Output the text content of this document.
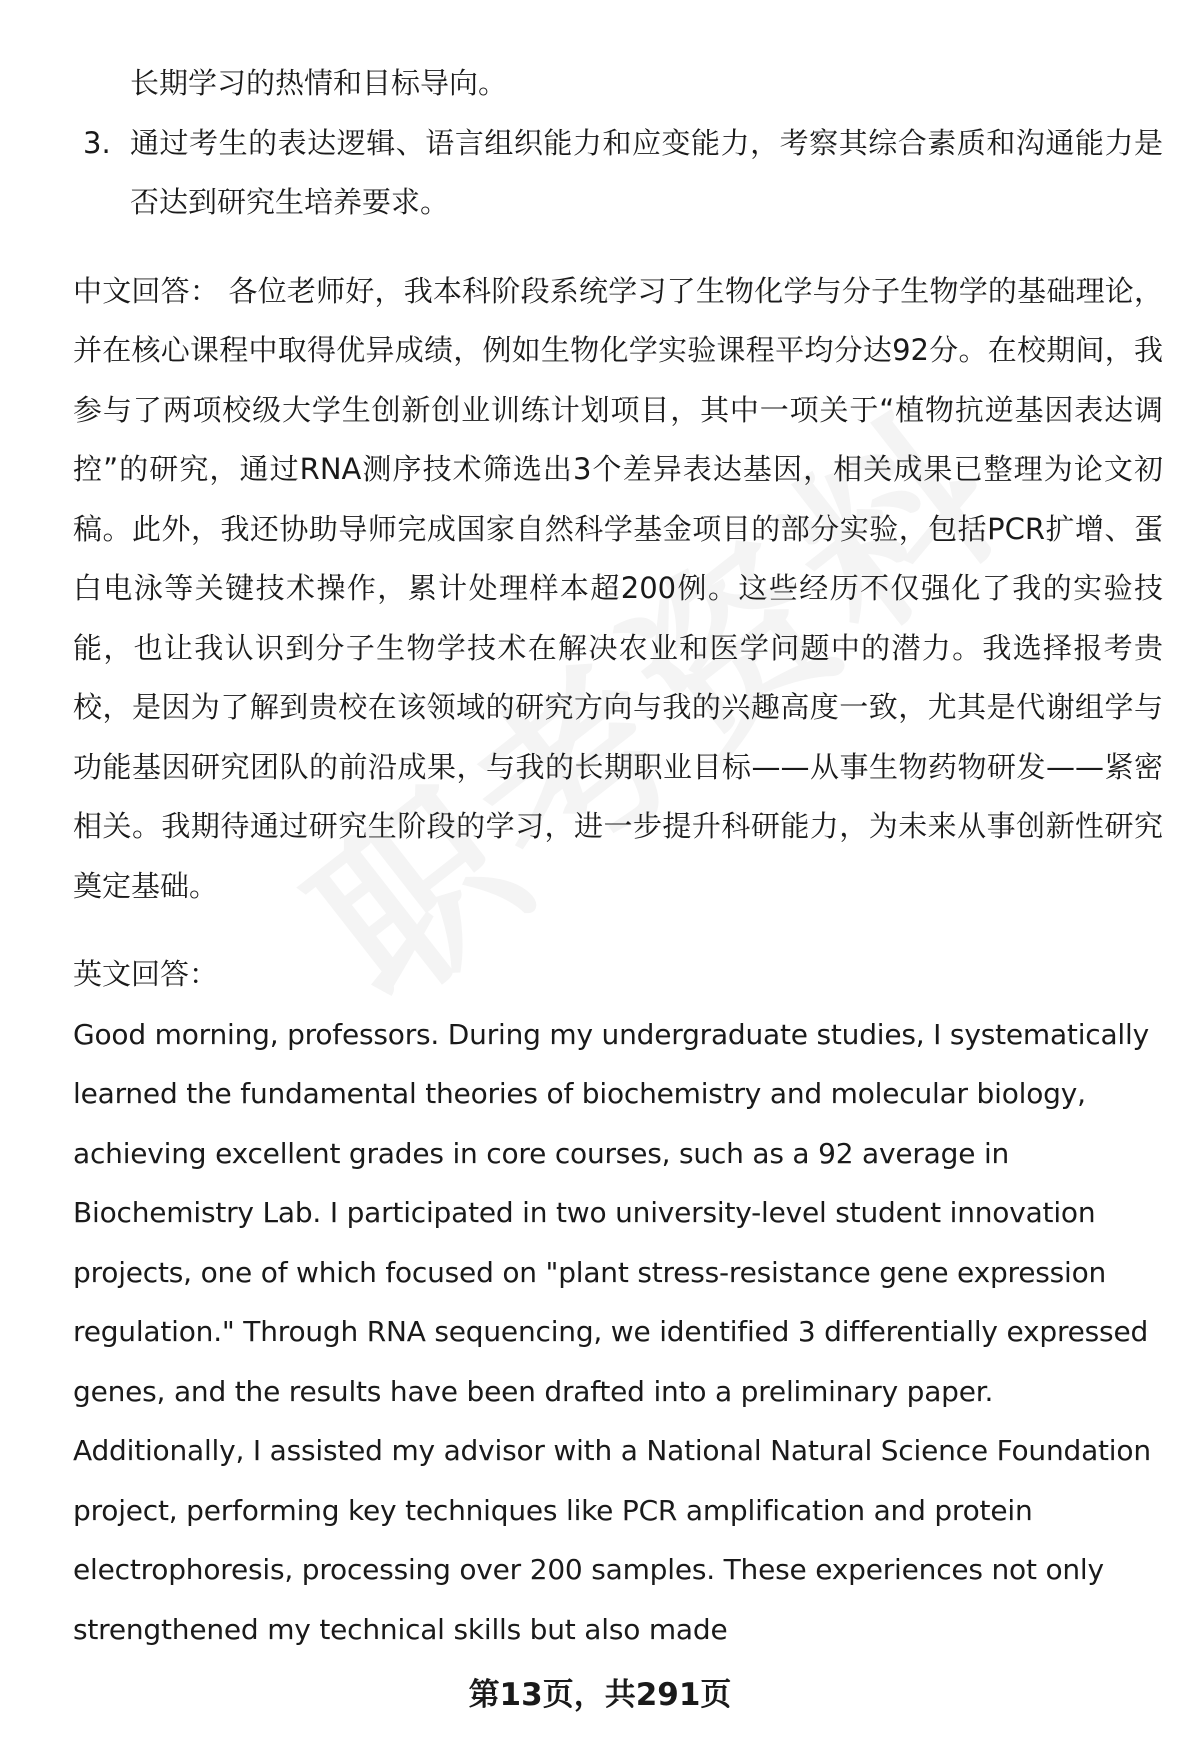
长期学习的热情和目标导向。

3. 通过考生的表达逻辑、语言组织能力和应变能力，考察其综合素质和沟通能力是否达到研究生培养要求。

中文回答： 各位老师好，我本科阶段系统学习了生物化学与分子生物学的基础理论，并在核心课程中取得优异成绩，例如生物化学实验课程平均分达92分。在校期间，我参与了两项校级大学生创新创业训练计划项目，其中一项关于“植物抗逆基因表达调控”的研究，通过RNA测序技术筛选出3个差异表达基因，相关成果已整理为论文初稿。此外，我还协助导师完成国家自然科学基金项目的部分实验，包括PCR扩增、蛋白电泳等关键技术操作，累计处理样本超200例。这些经历不仅强化了我的实验技能，也让我认识到分子生物学技术在解决农业和医学问题中的潜力。我选择报考贵校，是因为了解到贵校在该领域的研究方向与我的兴趣高度一致，尤其是代谢组学与功能基因研究团队的前沿成果，与我的长期职业目标——从事生物药物研发——紧密相关。我期待通过研究生阶段的学习，进一步提升科研能力，为未来从事创新性研究奠定基础。

英文回答：

Good morning, professors. During my undergraduate studies, I systematically learned the fundamental theories of biochemistry and molecular biology, achieving excellent grades in core courses, such as a 92 average in Biochemistry Lab. I participated in two university-level student innovation projects, one of which focused on "plant stress-resistance gene expression regulation." Through RNA sequencing, we identified 3 differentially expressed genes, and the results have been drafted into a preliminary paper. Additionally, I assisted my advisor with a National Natural Science Foundation project, performing key techniques like PCR amplification and protein electrophoresis, processing over 200 samples. These experiences not only strengthened my technical skills but also made

第13页，共291页
